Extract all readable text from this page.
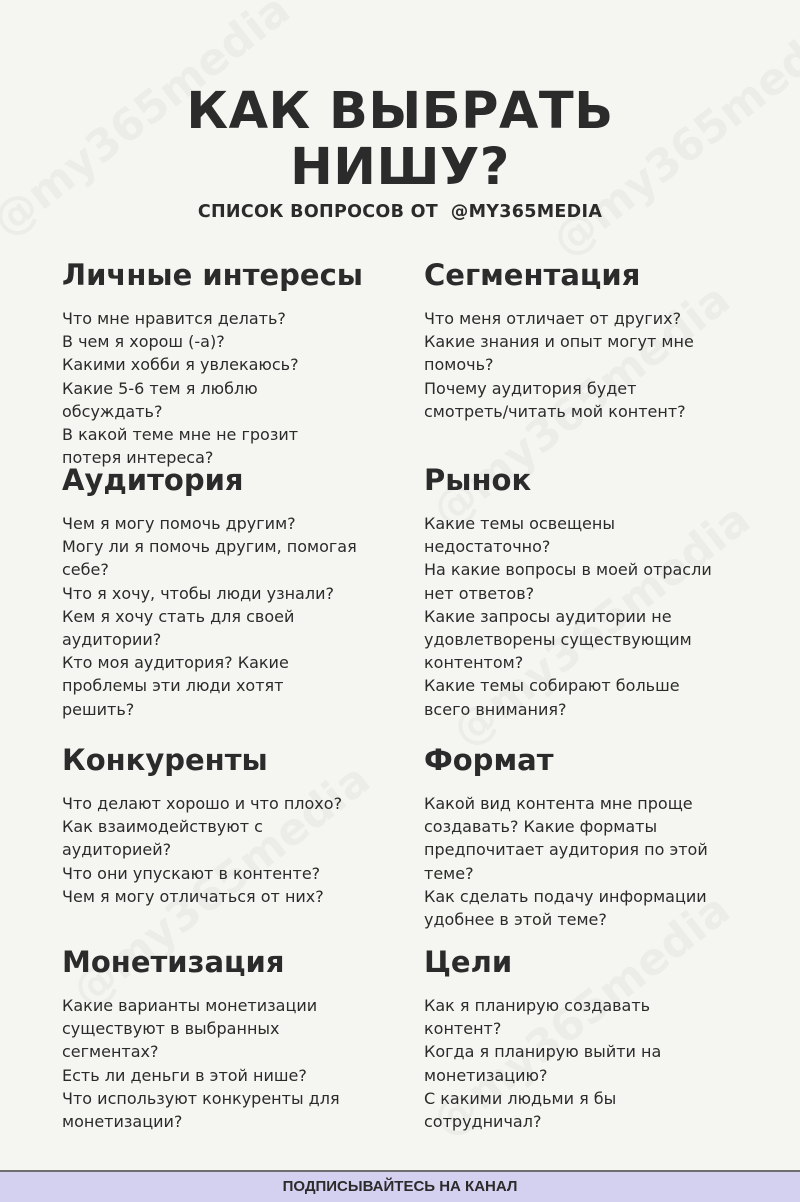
КАК ВЫБРАТЬ
НИШУ?
СПИСОК ВОПРОСОВ ОТ  @MY365MEDIA
Личные интересы
Что мне нравится делать?
В чем я хорош (-а)?
Какими хобби я увлекаюсь?
Какие 5-6 тем я люблю
обсуждать?
В какой теме мне не грозит
потеря интереса?
Сегментация
Что меня отличает от других?
Какие знания и опыт могут мне
помочь?
Почему аудитория будет
смотреть/читать мой контент?
Аудитория
Чем я могу помочь другим?
Могу ли я помочь другим, помогая
себе?
Что я хочу, чтобы люди узнали?
Кем я хочу стать для своей
аудитории?
Кто моя аудитория? Какие
проблемы эти люди хотят
решить?
Рынок
Какие темы освещены
недостаточно?
На какие вопросы в моей отрасли
нет ответов?
Какие запросы аудитории не
удовлетворены существующим
контентом?
Какие темы собирают больше
всего внимания?
Конкуренты
Что делают хорошо и что плохо?
Как взаимодействуют с
аудиторией?
Что они упускают в контенте?
Чем я могу отличаться от них?
Формат
Какой вид контента мне проще
создавать? Какие форматы
предпочитает аудитория по этой
теме?
Как сделать подачу информации
удобнее в этой теме?
Монетизация
Какие варианты монетизации
существуют в выбранных
сегментах?
Есть ли деньги в этой нише?
Что используют конкуренты для
монетизации?
Цели
Как я планирую создавать
контент?
Когда я планирую выйти на
монетизацию?
С какими людьми я бы
сотрудничал?
ПОДПИСЫВАЙТЕСЬ НА КАНАЛ
